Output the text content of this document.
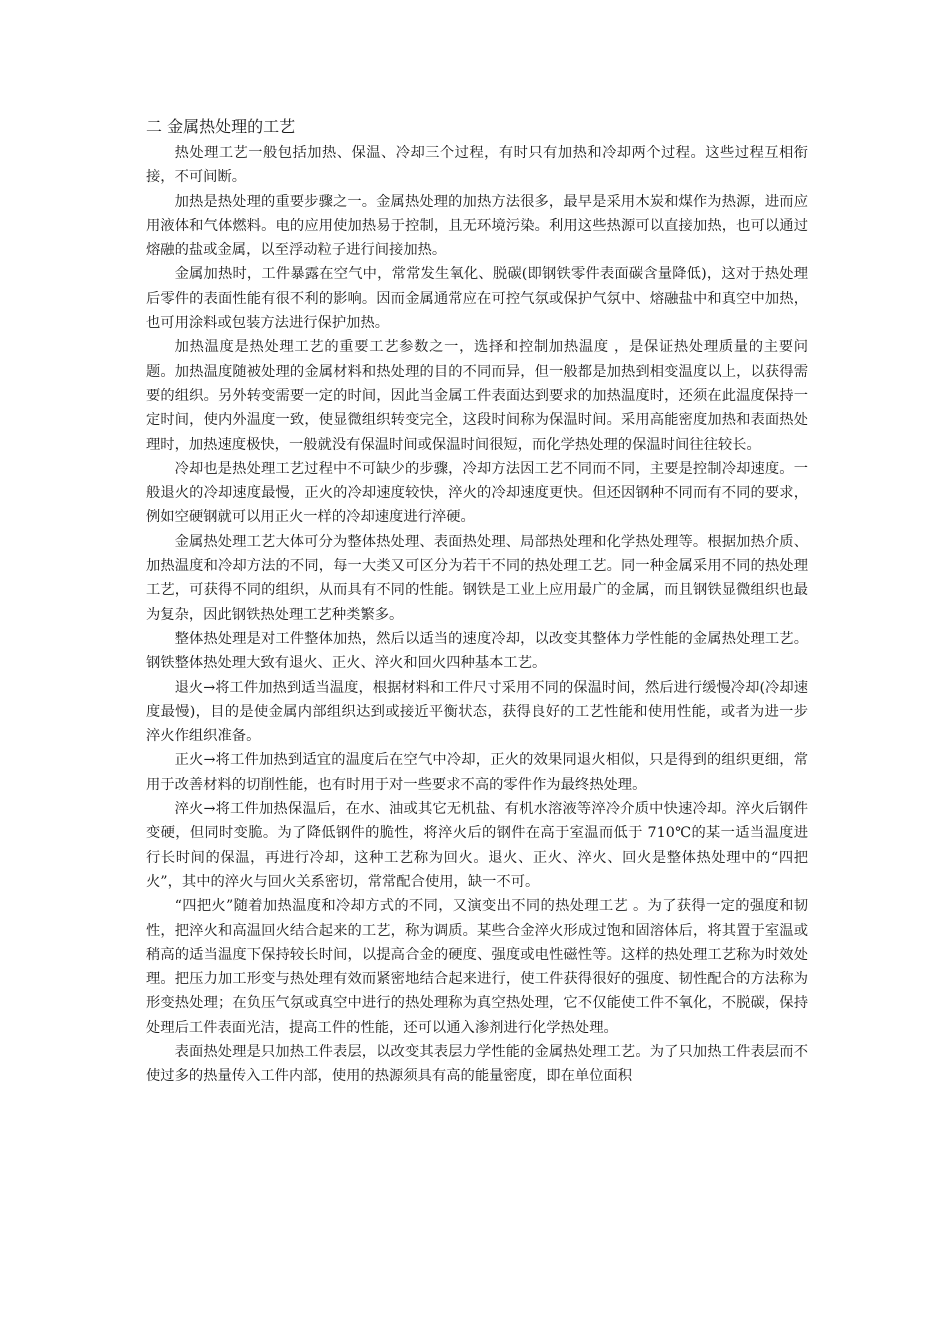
二 金属热处理的工艺

热处理工艺一般包括加热、保温、冷却三个过程，有时只有加热和冷却两个过程。这些过程互相衔接，不可间断。

加热是热处理的重要步骤之一。金属热处理的加热方法很多，最早是采用木炭和煤作为热源，进而应用液体和气体燃料。电的应用使加热易于控制，且无环境污染。利用这些热源可以直接加热，也可以通过熔融的盐或金属，以至浮动粒子进行间接加热。

金属加热时，工件暴露在空气中，常常发生氧化、脱碳(即钢铁零件表面碳含量降低)，这对于热处理后零件的表面性能有很不利的影响。因而金属通常应在可控气氛或保护气氛中、熔融盐中和真空中加热，也可用涂料或包装方法进行保护加热。

加热温度是热处理工艺的重要工艺参数之一，选择和控制加热温度 ，是保证热处理质量的主要问题。加热温度随被处理的金属材料和热处理的目的不同而异，但一般都是加热到相变温度以上，以获得需要的组织。另外转变需要一定的时间，因此当金属工件表面达到要求的加热温度时，还须在此温度保持一定时间，使内外温度一致，使显微组织转变完全，这段时间称为保温时间。采用高能密度加热和表面热处理时，加热速度极快，一般就没有保温时间或保温时间很短，而化学热处理的保温时间往往较长。

冷却也是热处理工艺过程中不可缺少的步骤，冷却方法因工艺不同而不同，主要是控制冷却速度。一般退火的冷却速度最慢，正火的冷却速度较快，淬火的冷却速度更快。但还因钢种不同而有不同的要求，例如空硬钢就可以用正火一样的冷却速度进行淬硬。

金属热处理工艺大体可分为整体热处理、表面热处理、局部热处理和化学热处理等。根据加热介质、加热温度和冷却方法的不同，每一大类又可区分为若干不同的热处理工艺。同一种金属采用不同的热处理工艺，可获得不同的组织，从而具有不同的性能。钢铁是工业上应用最广的金属，而且钢铁显微组织也最为复杂，因此钢铁热处理工艺种类繁多。

整体热处理是对工件整体加热，然后以适当的速度冷却，以改变其整体力学性能的金属热处理工艺。钢铁整体热处理大致有退火、正火、淬火和回火四种基本工艺。

退火→将工件加热到适当温度，根据材料和工件尺寸采用不同的保温时间，然后进行缓慢冷却(冷却速度最慢)，目的是使金属内部组织达到或接近平衡状态，获得良好的工艺性能和使用性能，或者为进一步淬火作组织准备。

正火→将工件加热到适宜的温度后在空气中冷却，正火的效果同退火相似，只是得到的组织更细，常用于改善材料的切削性能，也有时用于对一些要求不高的零件作为最终热处理。

淬火→将工件加热保温后，在水、油或其它无机盐、有机水溶液等淬冷介质中快速冷却。淬火后钢件变硬，但同时变脆。为了降低钢件的脆性，将淬火后的钢件在高于室温而低于 710℃的某一适当温度进行长时间的保温，再进行冷却，这种工艺称为回火。退火、正火、淬火、回火是整体热处理中的“四把火”，其中的淬火与回火关系密切，常常配合使用，缺一不可。

“四把火”随着加热温度和冷却方式的不同，又演变出不同的热处理工艺 。为了获得一定的强度和韧性，把淬火和高温回火结合起来的工艺，称为调质。某些合金淬火形成过饱和固溶体后，将其置于室温或稍高的适当温度下保持较长时间，以提高合金的硬度、强度或电性磁性等。这样的热处理工艺称为时效处理。把压力加工形变与热处理有效而紧密地结合起来进行，使工件获得很好的强度、韧性配合的方法称为形变热处理；在负压气氛或真空中进行的热处理称为真空热处理，它不仅能使工件不氧化，不脱碳，保持处理后工件表面光洁，提高工件的性能，还可以通入渗剂进行化学热处理。

表面热处理是只加热工件表层，以改变其表层力学性能的金属热处理工艺。为了只加热工件表层而不使过多的热量传入工件内部，使用的热源须具有高的能量密度，即在单位面积
